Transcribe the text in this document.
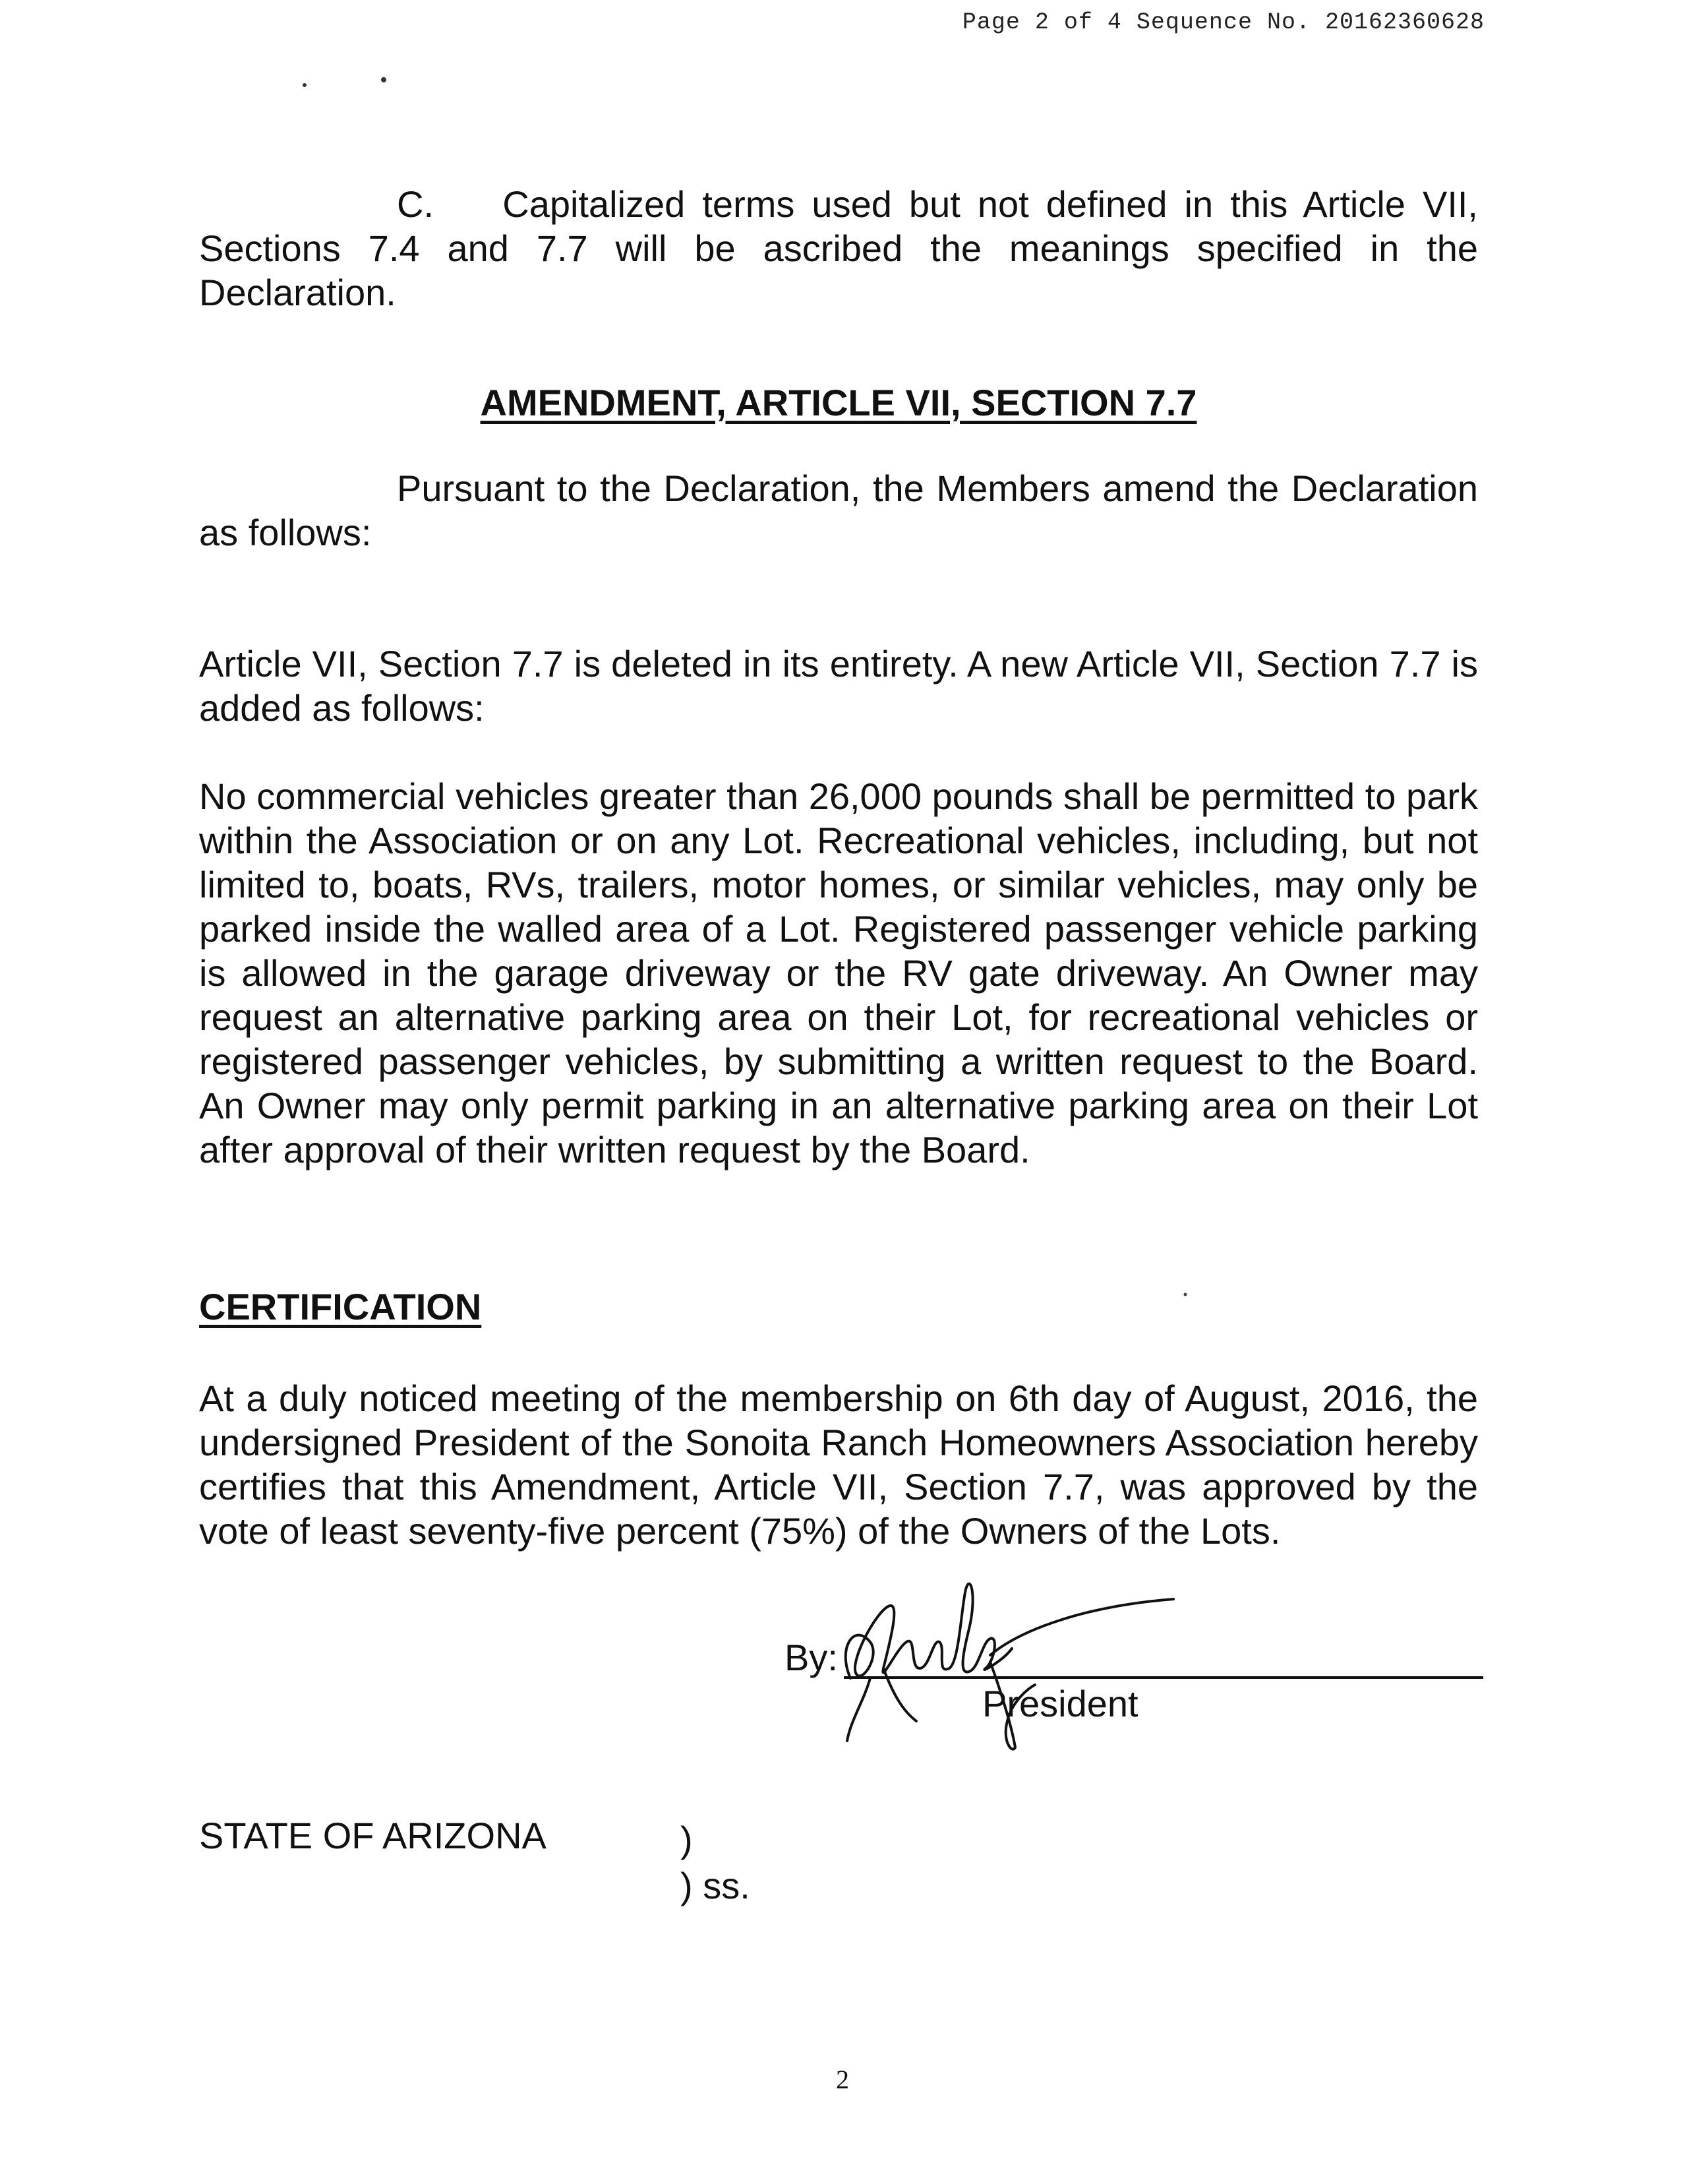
Page 2 of 4 Sequence No. 20162360628

C.    Capitalized terms used but not defined in this Article VII, Sections 7.4 and 7.7 will be ascribed the meanings specified in the Declaration.

AMENDMENT, ARTICLE VII, SECTION 7.7

Pursuant to the Declaration, the Members amend the Declaration as follows:

Article VII, Section 7.7 is deleted in its entirety. A new Article VII, Section 7.7 is added as follows:

No commercial vehicles greater than 26,000 pounds shall be permitted to park within the Association or on any Lot. Recreational vehicles, including, but not limited to, boats, RVs, trailers, motor homes, or similar vehicles, may only be parked inside the walled area of a Lot. Registered passenger vehicle parking is allowed in the garage driveway or the RV gate driveway. An Owner may request an alternative parking area on their Lot, for recreational vehicles or registered passenger vehicles, by submitting a written request to the Board. An Owner may only permit parking in an alternative parking area on their Lot after approval of their written request by the Board.

CERTIFICATION

At a duly noticed meeting of the membership on 6th day of August, 2016, the undersigned President of the Sonoita Ranch Homeowners Association hereby certifies that this Amendment, Article VII, Section 7.7, was approved by the vote of least seventy-five percent (75%) of the Owners of the Lots.

By:
President
STATE OF ARIZONA	)
) ss.
2
